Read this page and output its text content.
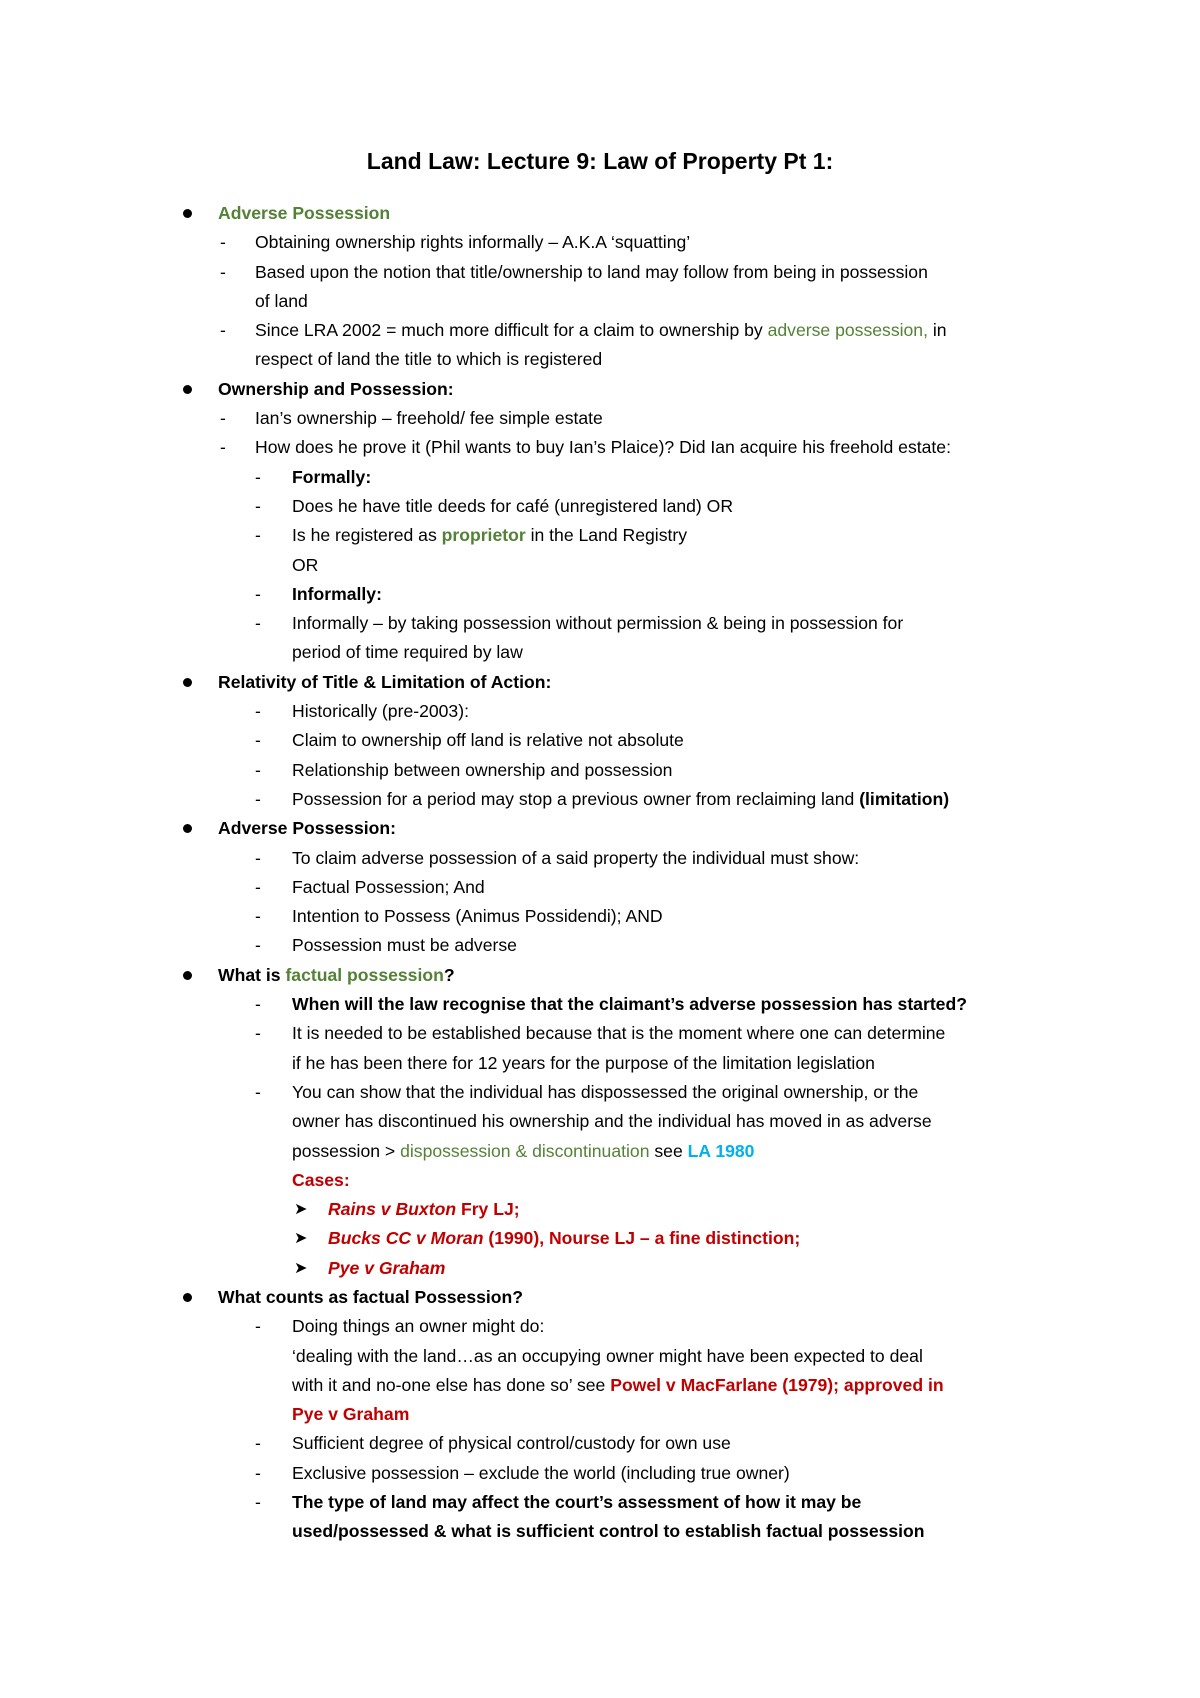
Land Law: Lecture 9: Law of Property Pt 1:
Adverse Possession
- Obtaining ownership rights informally – A.K.A ‘squatting’
- Based upon the notion that title/ownership to land may follow from being in possession
of land
- Since LRA 2002 = much more difficult for a claim to ownership by adverse possession, in
respect of land the title to which is registered
Ownership and Possession:
- Ian’s ownership – freehold/ fee simple estate
- How does he prove it (Phil wants to buy Ian’s Plaice)? Did Ian acquire his freehold estate:
- Formally:
- Does he have title deeds for café (unregistered land) OR
- Is he registered as proprietor in the Land Registry
OR
- Informally:
- Informally – by taking possession without permission & being in possession for
period of time required by law
Relativity of Title & Limitation of Action:
- Historically (pre-2003):
- Claim to ownership off land is relative not absolute
- Relationship between ownership and possession
- Possession for a period may stop a previous owner from reclaiming land (limitation)
Adverse Possession:
- To claim adverse possession of a said property the individual must show:
- Factual Possession; And
- Intention to Possess (Animus Possidendi); AND
- Possession must be adverse
What is factual possession?
- When will the law recognise that the claimant’s adverse possession has started?
- It is needed to be established because that is the moment where one can determine
if he has been there for 12 years for the purpose of the limitation legislation
- You can show that the individual has dispossessed the original ownership, or the
owner has discontinued his ownership and the individual has moved in as adverse
possession > dispossession & discontinuation see LA 1980
Cases:
➤ Rains v Buxton Fry LJ;
➤ Bucks CC v Moran (1990), Nourse LJ – a fine distinction;
➤ Pye v Graham
What counts as factual Possession?
- Doing things an owner might do:
‘dealing with the land…as an occupying owner might have been expected to deal
with it and no-one else has done so’ see Powel v MacFarlane (1979); approved in
Pye v Graham
- Sufficient degree of physical control/custody for own use
- Exclusive possession – exclude the world (including true owner)
- The type of land may affect the court’s assessment of how it may be
used/possessed & what is sufficient control to establish factual possession
